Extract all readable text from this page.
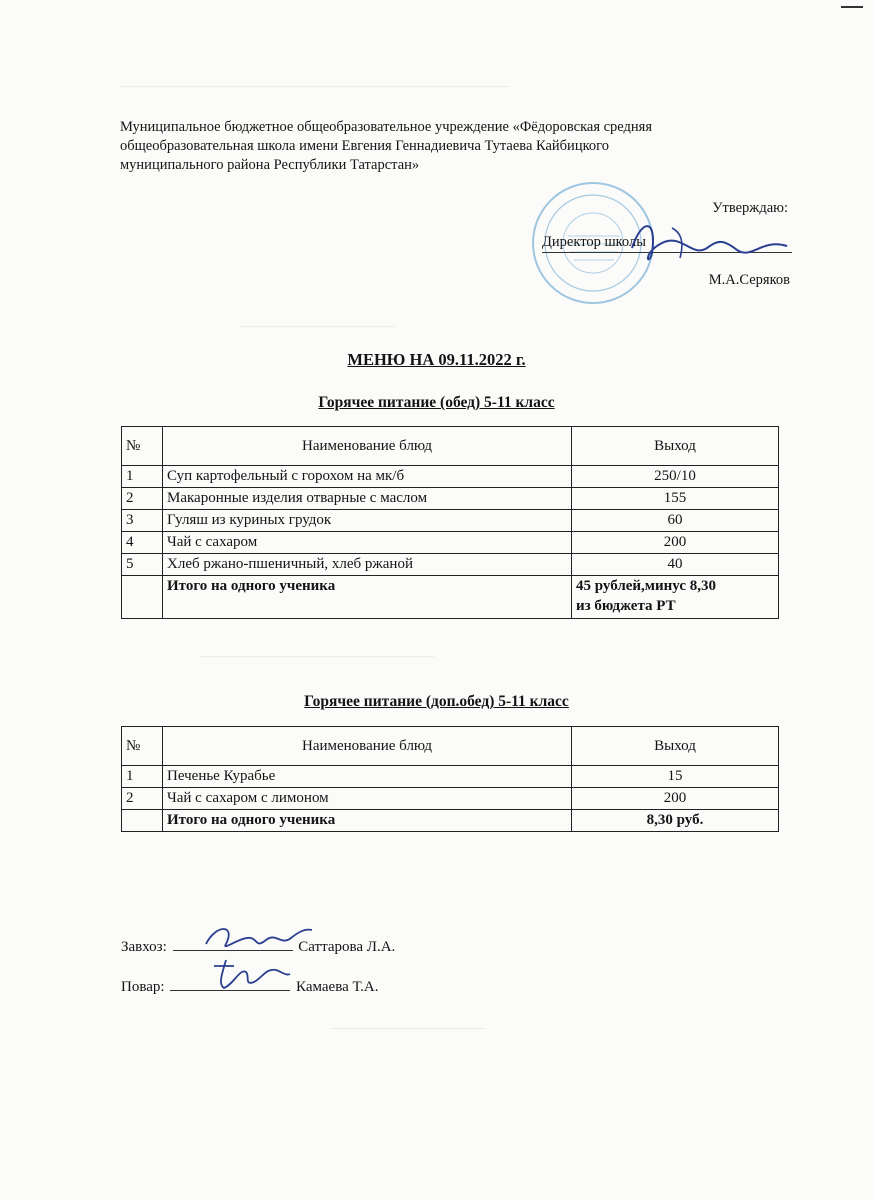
——————————————————————————————
————————————
——————————————————
————————————
Муниципальное бюджетное общеобразовательное учреждение «Фёдоровская средняя
общеобразовательная школа имени Евгения Геннадиевича Тутаева Кайбицкого
муниципального района Республики Татарстан»
Утверждаю:
Директор школы
М.А.Серяков
МЕНЮ НА 09.11.2022 г.
Горячее питание (обед) 5-11 класс
№	Наименование блюд	Выход
1	Суп картофельный с горохом на мк/б	250/10
2	Макаронные изделия отварные с маслом	155
3	Гуляш из куриных грудок	60
4	Чай с сахаром	200
5	Хлеб ржано-пшеничный, хлеб ржаной	40
	Итого на одного ученика	45 рублей,минус 8,30
из бюджета РТ
Горячее питание (доп.обед) 5-11 класс
№	Наименование блюд	Выход
1	Печенье Курабье	15
2	Чай с сахаром с лимоном	200
	Итого на одного ученика	8,30 руб.
Завхоз:	Саттарова Л.А.
Повар:	Камаева Т.А.
